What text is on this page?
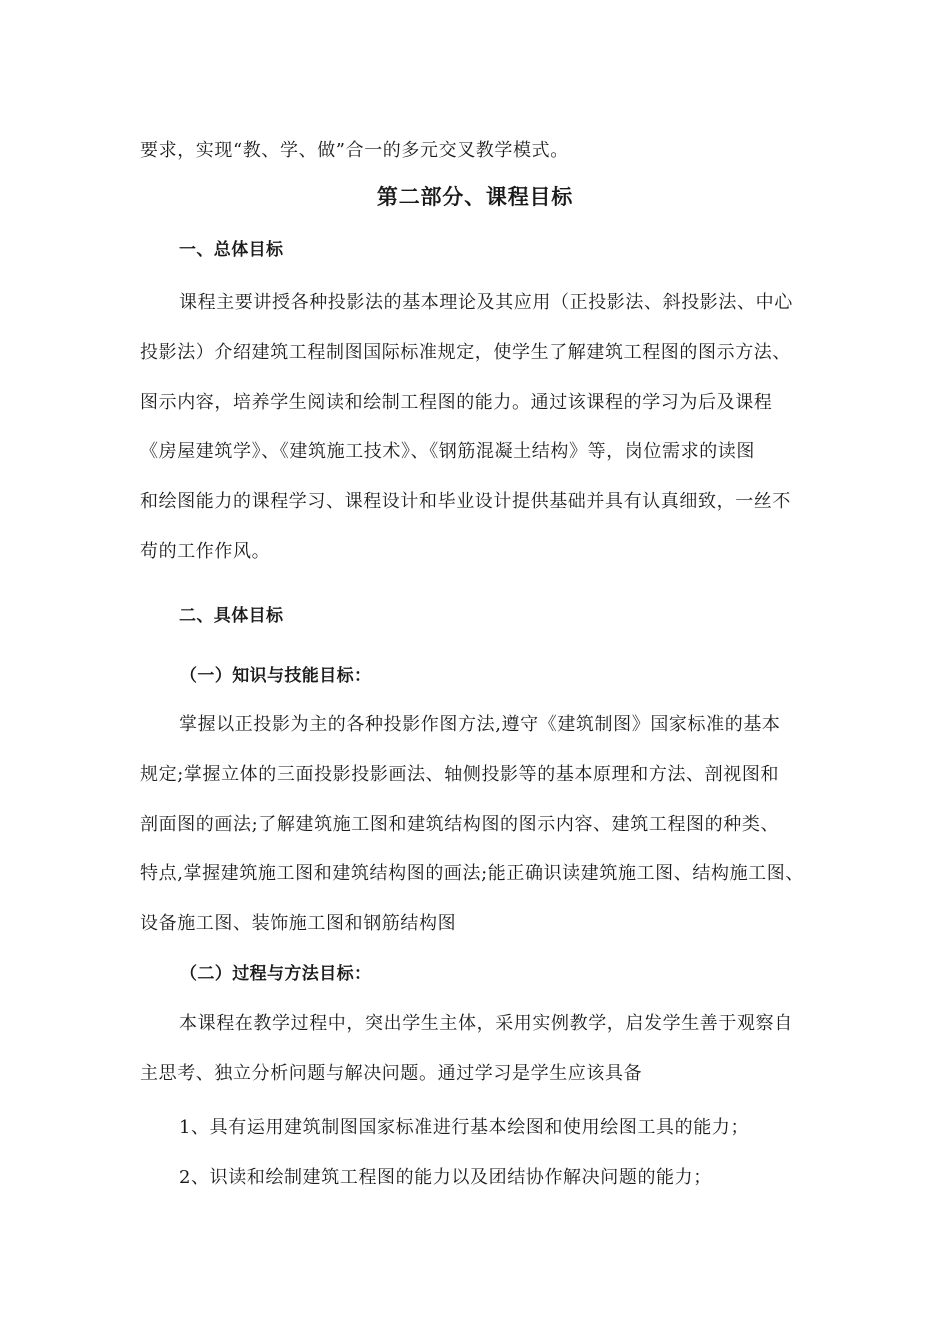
要求，实现“教、学、做”合一的多元交叉教学模式。
第二部分、课程目标
一、总体目标
课程主要讲授各种投影法的基本理论及其应用（正投影法、斜投影法、中心
投影法）介绍建筑工程制图国际标准规定，使学生了解建筑工程图的图示方法、
图示内容，培养学生阅读和绘制工程图的能力。通过该课程的学习为后及课程
《房屋建筑学》、《建筑施工技术》、《钢筋混凝土结构》等，岗位需求的读图
和绘图能力的课程学习、课程设计和毕业设计提供基础并具有认真细致，一丝不
苟的工作作风。
二、具体目标
（一）知识与技能目标：
掌握以正投影为主的各种投影作图方法,遵守《建筑制图》国家标准的基本
规定;掌握立体的三面投影投影画法、轴侧投影等的基本原理和方法、剖视图和
剖面图的画法;了解建筑施工图和建筑结构图的图示内容、建筑工程图的种类、
特点,掌握建筑施工图和建筑结构图的画法;能正确识读建筑施工图、结构施工图、
设备施工图、装饰施工图和钢筋结构图
（二）过程与方法目标：
本课程在教学过程中，突出学生主体，采用实例教学，启发学生善于观察自
主思考、独立分析问题与解决问题。通过学习是学生应该具备
1、具有运用建筑制图国家标准进行基本绘图和使用绘图工具的能力；
2、识读和绘制建筑工程图的能力以及团结协作解决问题的能力；
